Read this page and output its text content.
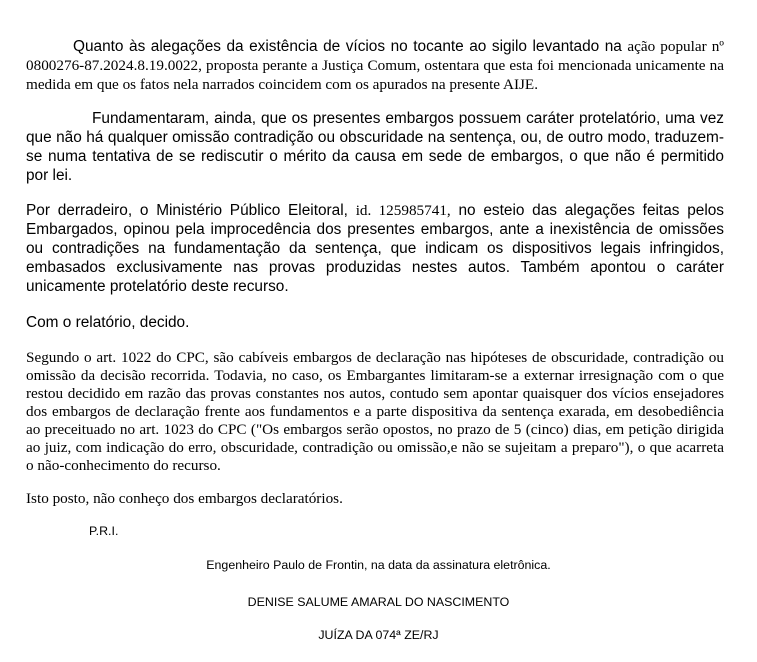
Quanto às alegações da existência de vícios no tocante ao sigilo levantado na ação popular nº 0800276-87.2024.8.19.0022, proposta perante a Justiça Comum, ostentara que esta foi mencionada unicamente na medida em que os fatos nela narrados coincidem com os apurados na presente AIJE.

Fundamentaram, ainda, que os presentes embargos possuem caráter protelatório, uma vez que não há qualquer omissão contradição ou obscuridade na sentença, ou, de outro modo, traduzem-se numa tentativa de se rediscutir o mérito da causa em sede de embargos, o que não é permitido por lei.

Por derradeiro, o Ministério Público Eleitoral, id. 125985741, no esteio das alegações feitas pelos Embargados, opinou pela improcedência dos presentes embargos, ante a inexistência de omissões ou contradições na fundamentação da sentença, que indicam os dispositivos legais infringidos, embasados exclusivamente nas provas produzidas nestes autos. Também apontou o caráter unicamente protelatório deste recurso.

Com o relatório, decido.

Segundo o art. 1022 do CPC, são cabíveis embargos de declaração nas hipóteses de obscuridade, contradição ou omissão da decisão recorrida. Todavia, no caso, os Embargantes limitaram-se a externar irresignação com o que restou decidido em razão das provas constantes nos autos, contudo sem apontar quaisquer dos vícios ensejadores dos embargos de declaração frente aos fundamentos e a parte dispositiva da sentença exarada, em desobediência ao preceituado no art. 1023 do CPC ("Os embargos serão opostos, no prazo de 5 (cinco) dias, em petição dirigida ao juiz, com indicação do erro, obscuridade, contradição ou omissão,e não se sujeitam a preparo"), o que acarreta o não-conhecimento do recurso.

Isto posto, não conheço dos embargos declaratórios.

P.R.I.
Engenheiro Paulo de Frontin, na data da assinatura eletrônica.
DENISE SALUME AMARAL DO NASCIMENTO
JUÍZA DA 074ª ZE/RJ
